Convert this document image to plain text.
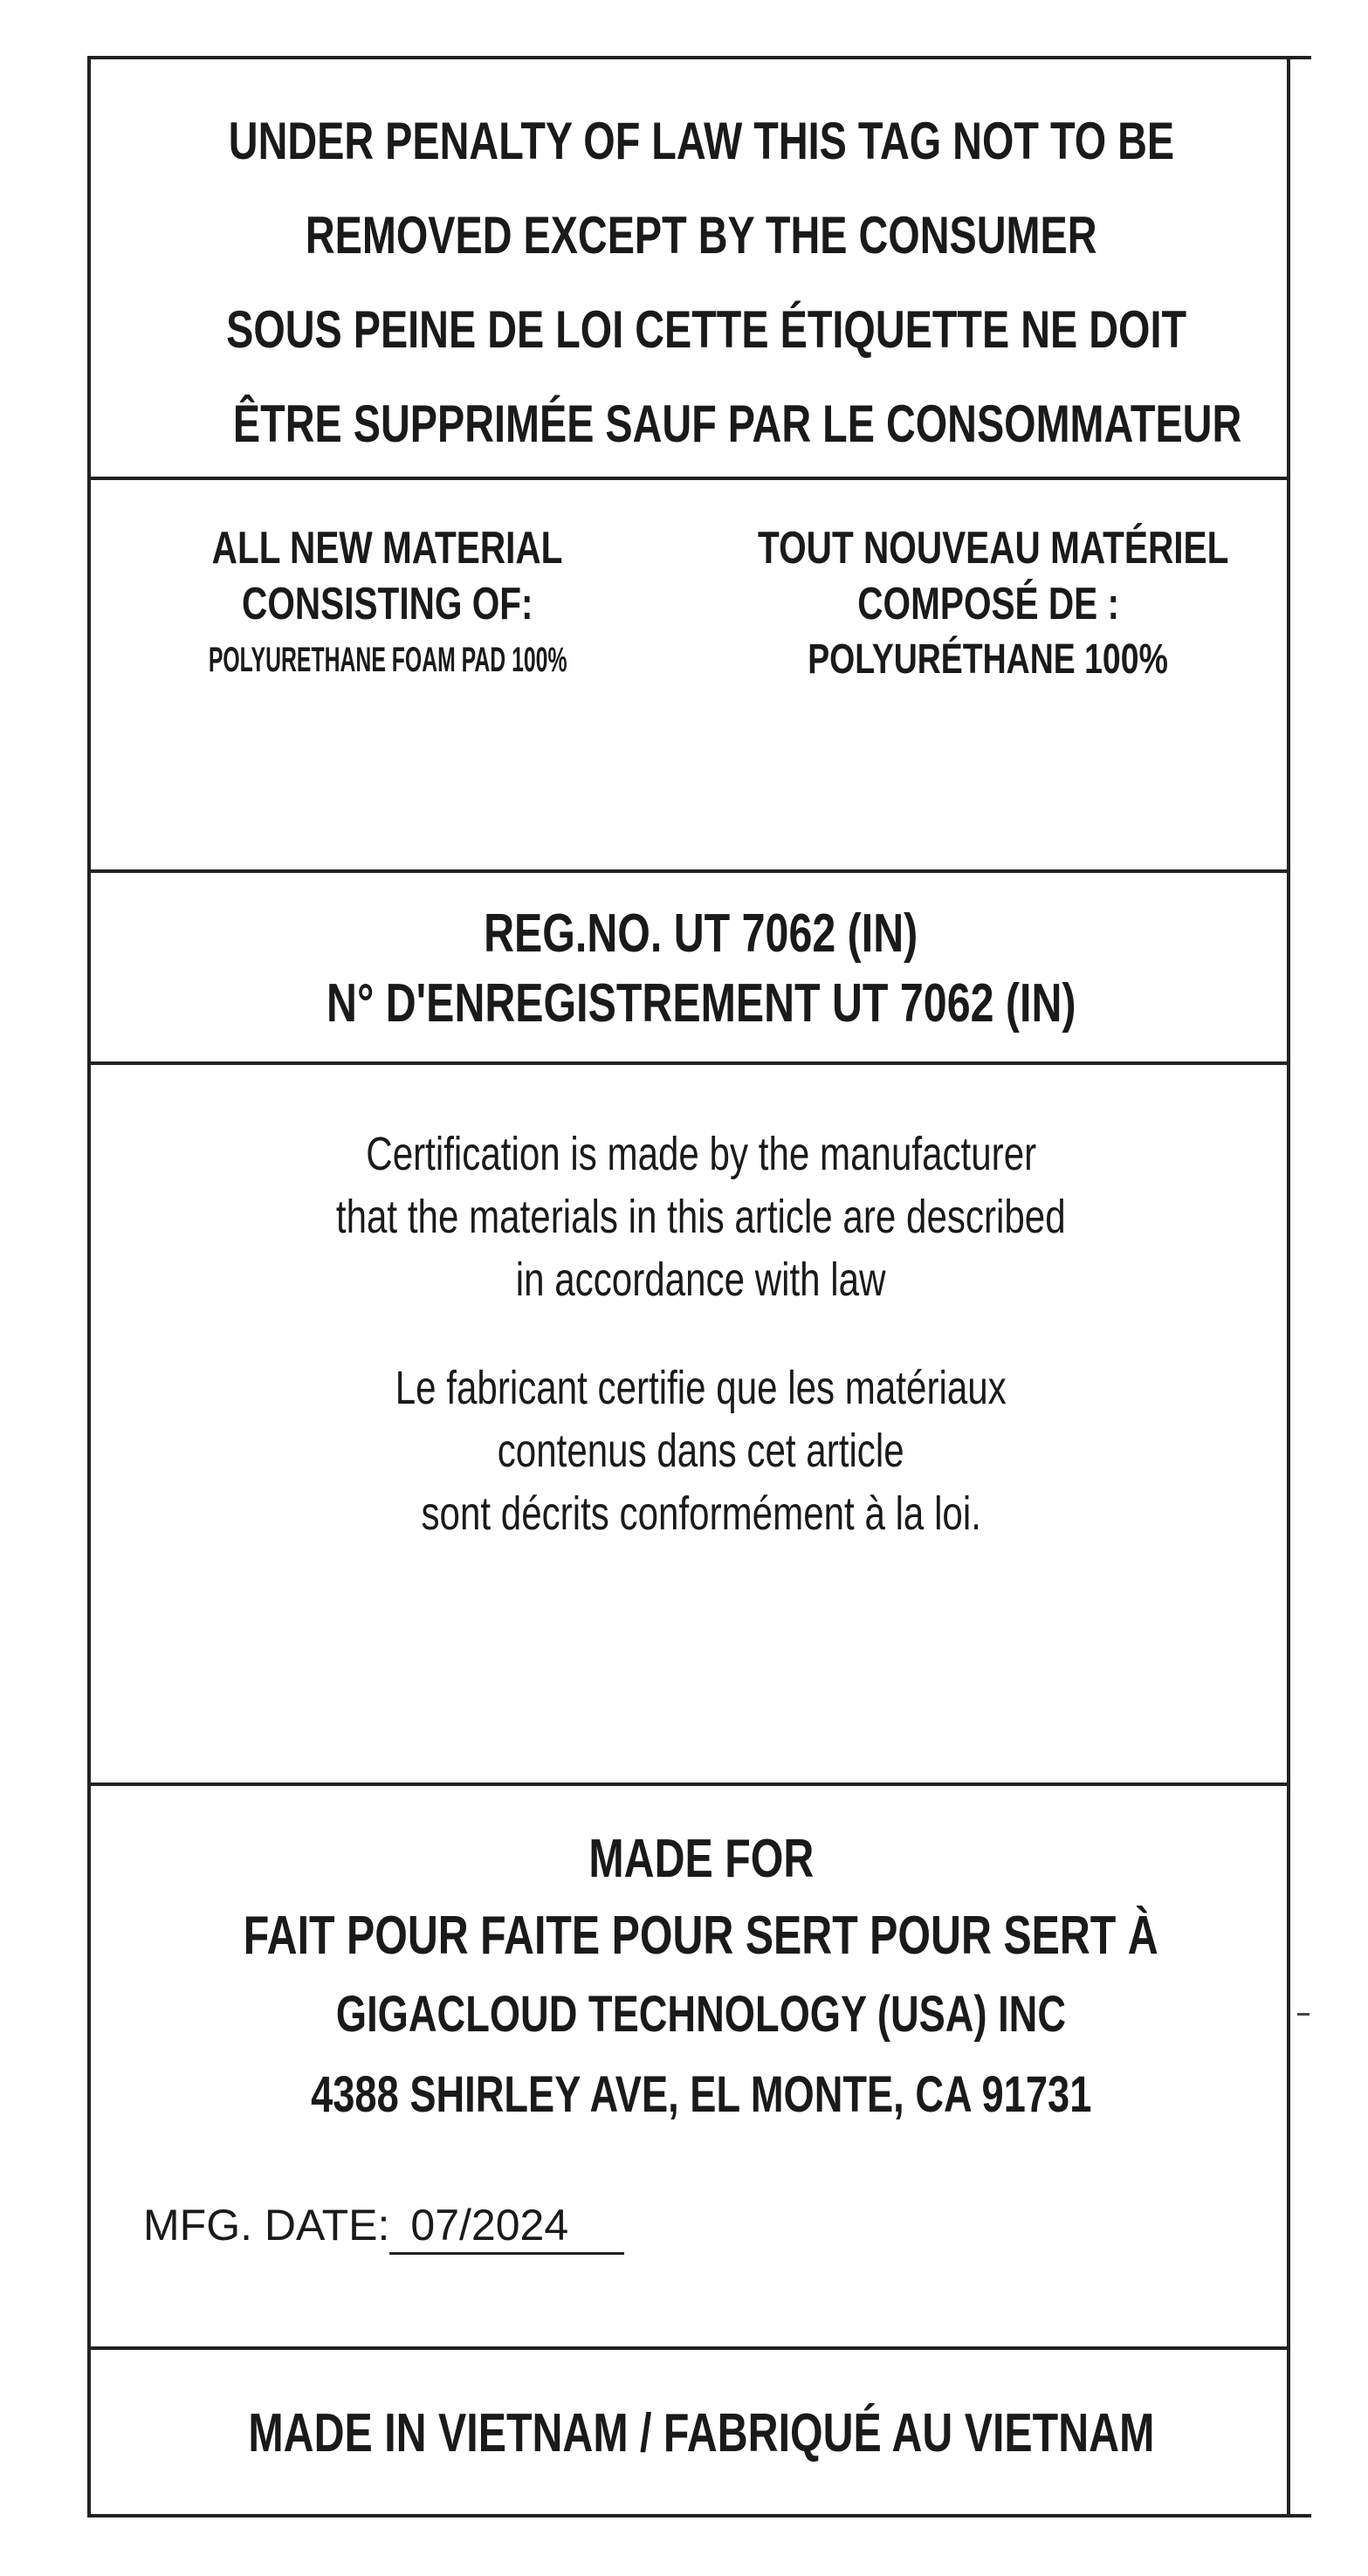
UNDER PENALTY OF LAW THIS TAG NOT TO BE
REMOVED EXCEPT BY THE CONSUMER
SOUS PEINE DE LOI CETTE ÉTIQUETTE NE DOIT
ÊTRE SUPPRIMÉE SAUF PAR LE CONSOMMATEUR
ALL NEW MATERIAL
CONSISTING OF:
POLYURETHANE FOAM PAD 100%
TOUT NOUVEAU MATÉRIEL
COMPOSÉ DE :
POLYURÉTHANE 100%
REG.NO. UT 7062 (IN)
N° D'ENREGISTREMENT UT 7062 (IN)
Certification is made by the manufacturer
that the materials in this article are described
in accordance with law
Le fabricant certifie que les matériaux
contenus dans cet article
sont décrits conformément à la loi.
MADE FOR
FAIT POUR FAITE POUR SERT POUR SERT À
GIGACLOUD TECHNOLOGY (USA) INC
4388 SHIRLEY AVE, EL MONTE, CA 91731
MFG. DATE: 07/2024
MADE IN VIETNAM / FABRIQUÉ AU VIETNAM
